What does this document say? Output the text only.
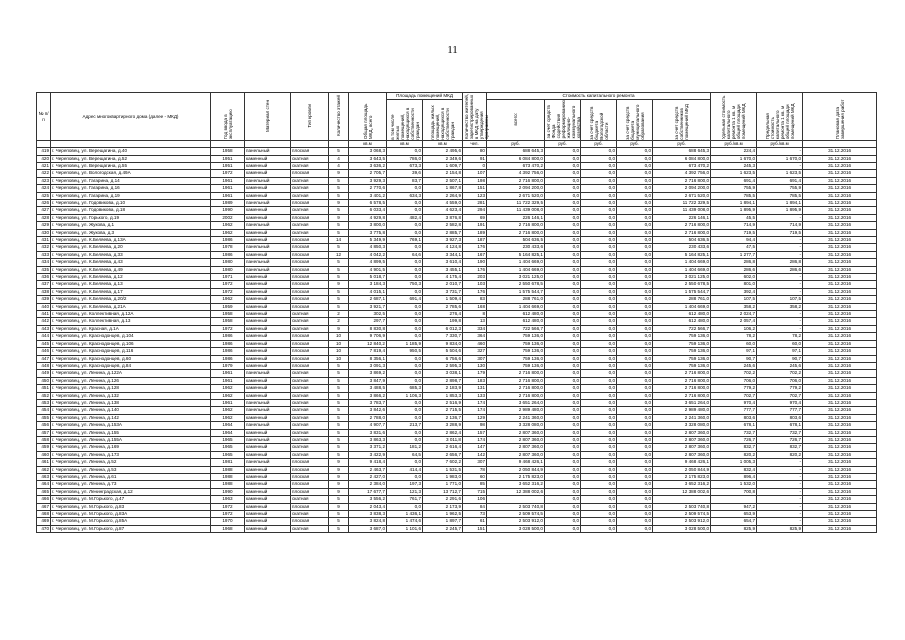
11
№ п/п	Адрес многоквартирного дома (далее - МКД)	Год ввода в эксплуатацию	Материал стен	Тип кровли	Количество этажей	Общая площадь МКД, всего	Площадь помещений МКД		Количество жителей, зарегистрированных в МКД на дату утверждения программы	Стоимость капитального ремонта					Удельная стоимость капитального ремонта 1 кв. м общей площади помещений МКД	Предельная стоимость капитального ремонта 1 кв. м общей площади помещений МКД	Плановая дата завершения работ
							в том числе жилых помещений, находящихся в собственности граждан	площадь жилых помещений, находящихся в собственности граждан		всего:	за счет средств Фонда содействия реформированию жилищно-коммунального хозяйства	за счет средств бюджета Вологодской области	за счет средств бюджета муниципального образования	за счет средств собственников помещений МКД			
						кв.м	кв.м	кв.м	чел.	руб.	руб.	руб.	руб.	руб.	руб./кв.м	руб./кв.м	
419	г. Череповец, ул. Верещагина, д.40	1958	панельный	плоская	5	3 068,3	0,0	2 495,6	80	688 645,3	0,0	0,0	0,0	688 645,3	224,4	-	31.12.2016
420	г. Череповец, ул. Верещагина, д.52	1951	каменный	скатная	4	3 643,5	786,0	2 349,6	91	6 084 800,0	0,0	0,0	0,0	6 084 800,0	1 670,0	1 670,0	31.12.2016
421	г. Череповец, ул. Верещагина, д.55	1951	каменный	скатная	4	3 636,2	673,3	1 609,7	0	673 470,2	0,0	0,0	0,0	673 470,2	245,3	-	31.12.2016
422	г. Череповец, ул. Вологодская, д.49А	1972	каменный	плоская	9	2 705,7	39,6	2 154,8	107	4 392 756,0	0,0	0,0	0,0	4 392 756,0	1 623,5	1 623,5	31.12.2016
423	г. Череповец, ул. Гагарина, д.14	1961	панельный	скатная	5	3 929,3	83,7	2 507,1	198	2 716 800,0	0,0	0,0	0,0	2 716 800,0	691,4	691,4	31.12.2016
424	г. Череповец, ул. Гагарина, д.16	1961	каменный	скатная	5	2 770,6	0,0	1 867,8	151	2 094 200,0	0,0	0,0	0,0	2 094 200,0	755,9	755,9	31.12.2016
425	г. Череповец, ул. Гагарина, д.19	1961	каменный	скатная	5	3 401,2	634,3	2 264,9	123	2 671 520,0	0,0	0,0	0,0	2 671 520,0	785,5	785,5	31.12.2016
426	г. Череповец, ул. Годовикова, д.10	1989	панельный	плоская	9	6 578,5	0,0	4 559,0	281	11 722 329,5	0,0	0,0	0,0	11 722 329,5	1 894,1	1 894,1	31.12.2016
427	г. Череповец, ул. Годовикова, д.18	1990	каменный	скатная	5	6 033,4	0,0	4 623,4	294	11 439 008,0	0,0	0,0	0,0	11 439 008,0	1 895,9	1 895,9	31.12.2016
428	г. Череповец, ул. Горького, д.19	2002	каменный	плоская	9	4 929,8	482,4	3 876,8	69	226 146,1	0,0	0,0	0,0	226 146,1	45,5	-	31.12.2016
429	г. Череповец, ул. Жукова, д.1	1962	панельный	скатная	5	3 800,0	0,0	2 582,8	191	2 716 800,0	0,0	0,0	0,0	2 716 800,0	714,9	714,9	31.12.2016
430	г. Череповец, ул. Жукова, д.3	1962	каменный	скатная	5	3 775,8	0,0	2 885,7	189	2 716 800,0	0,0	0,0	0,0	2 716 800,0	719,5	719,5	31.12.2016
431	г. Череповец, ул. К.Беляева, д.13А	1986	каменный	плоская	14	5 349,9	769,1	3 927,3	187	504 636,5	0,0	0,0	0,0	504 636,5	94,4	-	31.12.2016
432	г. Череповец, ул. К.Беляева, д.20	1978	панельный	плоская	5	4 850,3	0,0	4 124,8	176	230 433,6	0,0	0,0	0,0	230 433,6	47,5	-	31.12.2016
433	г. Череповец, ул. К.Беляева, д.33	1986	каменный	плоская	12	4 042,2	64,6	3 344,1	167	5 164 825,1	0,0	0,0	0,0	5 164 825,1	1 277,7	-	31.12.2016
434	г. Череповец, ул. К.Беляева, д.43	1980	панельный	плоская	5	4 899,5	0,0	3 610,4	190	1 404 669,0	0,0	0,0	0,0	1 404 669,0	286,8	286,8	31.12.2016
435	г. Череповец, ул. К.Беляева, д.49	1980	панельный	плоская	5	4 901,5	0,0	3 455,1	176	1 404 669,0	0,0	0,0	0,0	1 404 669,0	286,6	286,6	31.12.2016
436	г. Череповец, ул. К.Беляева, д.12	1971	каменный	плоская	5	5 018,7	0,0	4 175,4	203	3 021 125,0	0,0	0,0	0,0	3 021 125,0	602,0	-	31.12.2016
437	г. Череповец, ул. К.Беляева, д.13	1972	каменный	плоская	9	3 184,3	750,3	2 010,7	103	2 550 678,5	0,0	0,0	0,0	2 550 678,5	801,0	-	31.12.2016
438	г. Череповец, ул. К.Беляева, д.17	1972	каменный	плоская	5	4 015,1	0,0	3 731,7	176	1 575 544,7	0,0	0,0	0,0	1 575 544,7	392,4	-	31.12.2016
439	г. Череповец, ул. К.Беляева, д.20/2	1962	каменный	плоская	5	2 687,1	691,4	1 509,4	83	288 761,0	0,0	0,0	0,0	288 761,0	107,5	107,5	31.12.2016
440	г. Череповец, ул. К.Беляева, д.21А	1959	каменный	плоская	5	3 921,7	0,0	2 785,6	168	1 404 669,0	0,0	0,0	0,0	1 404 669,0	358,2	358,2	31.12.2016
441	г. Череповец, ул. Коллективная, д.12А	1958	каменный	скатная	2	302,5	0,0	276,4	8	612 480,0	0,0	0,0	0,0	612 480,0	2 024,7	-	31.12.2016
442	г. Череповец, ул. Коллективная, д.13	1958	каменный	скатная	2	297,7	0,0	199,8	13	612 480,0	0,0	0,0	0,0	612 480,0	2 057,4	-	31.12.2016
443	г. Череповец, ул. Красная, д.1А	1972	каменный	скатная	9	8 830,8	0,0	6 012,3	334	722 566,7	0,0	0,0	0,0	722 566,7	106,2	-	31.12.2016
444	г. Череповец, ул. Краснодонцев, д.104	1986	каменный	плоская	10	9 706,9	0,0	7 330,7	364	759 136,0	0,0	0,0	0,0	759 136,0	78,2	78,2	31.12.2016
445	г. Череповец, ул. Краснодонцев, д.106	1986	каменный	плоская	10	12 840,2	1 185,9	9 834,0	460	759 136,0	0,0	0,0	0,0	759 136,0	60,0	60,0	31.12.2016
446	г. Череповец, ул. Краснодонцев, д.116	1986	каменный	плоская	10	7 819,4	950,5	5 504,6	327	759 136,0	0,0	0,0	0,0	759 136,0	97,1	97,1	31.12.2016
447	г. Череповец, ул. Краснодонцев, д.60	1986	каменный	плоская	10	8 356,1	0,0	6 756,6	307	759 136,0	0,0	0,0	0,0	759 136,0	90,7	90,7	31.12.2016
448	г. Череповец, ул. Краснодонцев, д.84	1979	каменный	плоская	5	3 091,3	0,0	2 595,3	130	759 136,0	0,0	0,0	0,0	759 136,0	245,6	245,6	31.12.2016
449	г. Череповец, ул. Ленина, д.122А	1961	панельный	скатная	5	3 869,2	0,0	3 038,1	179	2 716 800,0	0,0	0,0	0,0	2 716 800,0	702,2	702,2	31.12.2016
450	г. Череповец, ул. Ленина, д.126	1961	каменный	скатная	5	3 847,9	0,0	2 898,7	183	2 716 800,0	0,0	0,0	0,0	2 716 800,0	706,0	706,0	31.12.2016
451	г. Череповец, ул. Ленина, д.128	1962	каменный	скатная	5	3 488,5	685,3	2 183,9	131	2 716 800,0	0,0	0,0	0,0	2 716 800,0	779,2	779,2	31.12.2016
452	г. Череповец, ул. Ленина, д.132	1962	каменный	скатная	5	3 866,2	1 106,3	1 853,3	133	2 716 800,0	0,0	0,0	0,0	2 716 800,0	702,7	702,7	31.12.2016
453	г. Череповец, ул. Ленина, д.138	1961	панельный	скатная	5	3 783,7	0,0	2 516,9	174	3 651 264,0	0,0	0,0	0,0	3 651 264,0	970,4	970,4	31.12.2016
454	г. Череповец, ул. Ленина, д.140	1962	панельный	скатная	5	3 842,6	0,0	2 715,5	174	2 989 480,0	0,0	0,0	0,0	2 989 480,0	777,7	777,7	31.12.2016
455	г. Череповец, ул. Ленина, д.142	1962	каменный	скатная	5	2 788,0	0,0	2 136,7	129	2 241 360,0	0,0	0,0	0,0	2 241 360,0	803,6	803,6	31.12.2016
456	г. Череповец, ул. Ленина, д.153А	1964	панельный	скатная	5	4 907,7	213,7	3 288,9	98	3 328 080,0	0,0	0,0	0,0	3 328 080,0	678,1	678,1	31.12.2016
457	г. Череповец, ул. Ленина, д.155	1964	каменный	скатная	5	3 831,6	0,0	2 862,4	157	2 807 360,0	0,0	0,0	0,0	2 807 360,0	732,7	732,7	31.12.2016
458	г. Череповец, ул. Ленина, д.155А	1965	панельный	скатная	5	3 863,3	0,0	3 011,8	174	2 807 360,0	0,0	0,0	0,0	2 807 360,0	726,7	726,7	31.12.2016
459	г. Череповец, ул. Ленина, д.169	1965	каменный	скатная	5	3 371,2	181,2	2 616,4	147	2 807 360,0	0,0	0,0	0,0	2 807 360,0	832,7	832,7	31.12.2016
460	г. Череповец, ул. Ленина, д.173	1965	каменный	скатная	5	3 422,9	64,5	2 656,7	142	2 807 360,0	0,0	0,0	0,0	2 807 360,0	820,2	820,2	31.12.2016
461	г. Череповец, ул. Ленина, д.52	1981	панельный	плоская	9	9 418,4	0,0	7 602,2	307	9 468 426,1	0,0	0,0	0,0	9 468 426,1	1 005,3	-	31.12.2016
462	г. Череповец, ул. Ленина, д.53	1988	каменный	плоская	9	2 463,7	414,4	1 531,5	78	2 050 844,9	0,0	0,0	0,0	2 050 844,9	832,4	-	31.12.2016
463	г. Череповец, ул. Ленина, д.61	1988	каменный	плоская	9	2 427,0	0,0	1 983,0	60	2 175 823,0	0,0	0,0	0,0	2 175 823,0	896,4	-	31.12.2016
464	г. Череповец, ул. Ленина, д.73	1988	каменный	плоская	9	2 384,0	197,3	1 771,0	85	3 652 316,2	0,0	0,0	0,0	3 652 316,2	1 532,0	-	31.12.2016
465	г. Череповец, ул. Ленинградская, д.12	1990	каменный	плоская	9	17 677,7	121,3	13 712,7	715	12 388 002,6	0,0	0,0	0,0	12 388 002,6	700,8	-	31.12.2016
466	г. Череповец, ул. М.Горького, д.47	1963	каменный	скатная	5	3 556,2	761,7	2 291,6	106		0,0	0,0	0,0			-	31.12.2016
467	г. Череповец, ул. М.Горького, д.83	1972	каменный	плоская	9	2 043,4	0,0	2 173,9	84	2 503 740,8	0,0	0,0	0,0	2 503 740,8	947,2	-	31.12.2016
468	г. Череповец, ул. М.Горького, д.83А	1972	каменный	скатная	5	3 838,3	1 436,1	1 962,5	73	2 509 574,5	0,0	0,0	0,0	2 509 574,5	653,9	-	31.12.2016
469	г. Череповец, ул. М.Горького, д.85А	1970	каменный	плоская	5	3 824,8	1 474,6	1 897,7	61	2 503 912,0	0,0	0,0	0,0	2 503 912,0	654,7	-	31.12.2016
470	г. Череповец, ул. М.Горького, д.87	1968	каменный	скатная	5	3 687,0	1 101,6	2 245,7	151	3 028 500,0	0,0	0,0	0,0	3 028 500,0	825,9	825,9	31.12.2016
